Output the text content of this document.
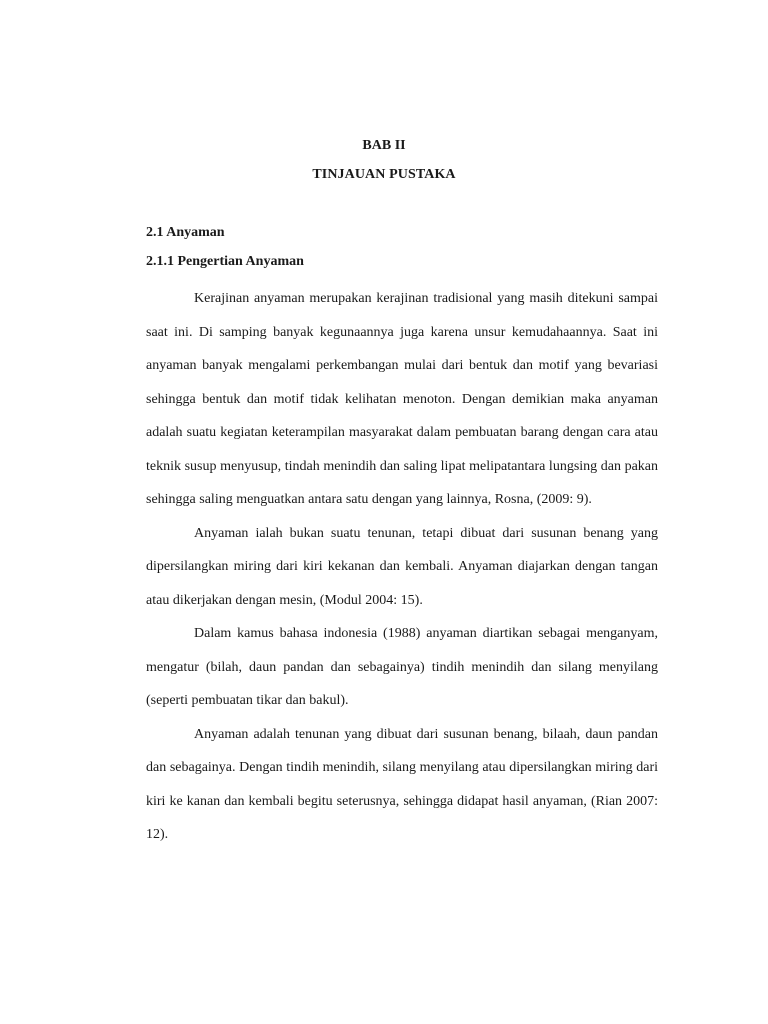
BAB II
TINJAUAN PUSTAKA
2.1 Anyaman
2.1.1 Pengertian Anyaman

Kerajinan anyaman merupakan kerajinan tradisional yang masih ditekuni sampai saat ini. Di samping banyak kegunaannya juga karena unsur kemudahaannya. Saat ini anyaman banyak mengalami perkembangan mulai dari bentuk dan motif yang bevariasi sehingga bentuk dan motif tidak kelihatan menoton. Dengan demikian maka anyaman adalah suatu kegiatan keterampilan masyarakat dalam pembuatan barang dengan cara atau teknik susup menyusup, tindah menindih dan saling lipat melipatantara lungsing dan pakan sehingga saling menguatkan antara satu dengan yang lainnya, Rosna, (2009: 9).

Anyaman ialah bukan suatu tenunan, tetapi dibuat dari susunan benang yang dipersilangkan miring dari kiri kekanan dan kembali. Anyaman diajarkan dengan tangan atau dikerjakan dengan mesin, (Modul 2004: 15).

Dalam kamus bahasa indonesia (1988) anyaman diartikan sebagai menganyam, mengatur (bilah, daun pandan dan sebagainya) tindih menindih dan silang menyilang (seperti pembuatan tikar dan bakul).

Anyaman adalah tenunan yang dibuat dari susunan benang, bilaah, daun pandan dan sebagainya. Dengan tindih menindih, silang menyilang atau dipersilangkan miring dari kiri ke kanan dan kembali begitu seterusnya, sehingga didapat hasil anyaman, (Rian 2007: 12).
